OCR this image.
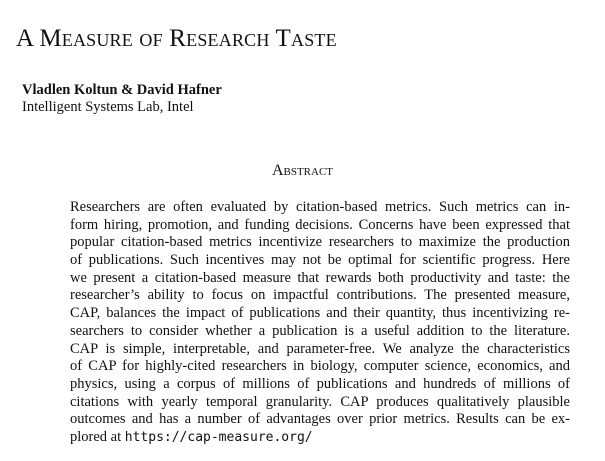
A Measure of Research Taste
Vladlen Koltun & David Hafner
Intelligent Systems Lab, Intel
Abstract
Researchers are often evaluated by citation-based metrics. Such metrics can in-
form hiring, promotion, and funding decisions. Concerns have been expressed that
popular citation-based metrics incentivize researchers to maximize the production
of publications. Such incentives may not be optimal for scientific progress. Here
we present a citation-based measure that rewards both productivity and taste: the
researcher’s ability to focus on impactful contributions. The presented measure,
CAP, balances the impact of publications and their quantity, thus incentivizing re-
searchers to consider whether a publication is a useful addition to the literature.
CAP is simple, interpretable, and parameter-free. We analyze the characteristics
of CAP for highly-cited researchers in biology, computer science, economics, and
physics, using a corpus of millions of publications and hundreds of millions of
citations with yearly temporal granularity. CAP produces qualitatively plausible
outcomes and has a number of advantages over prior metrics. Results can be ex-
plored at https://cap-measure.org/
